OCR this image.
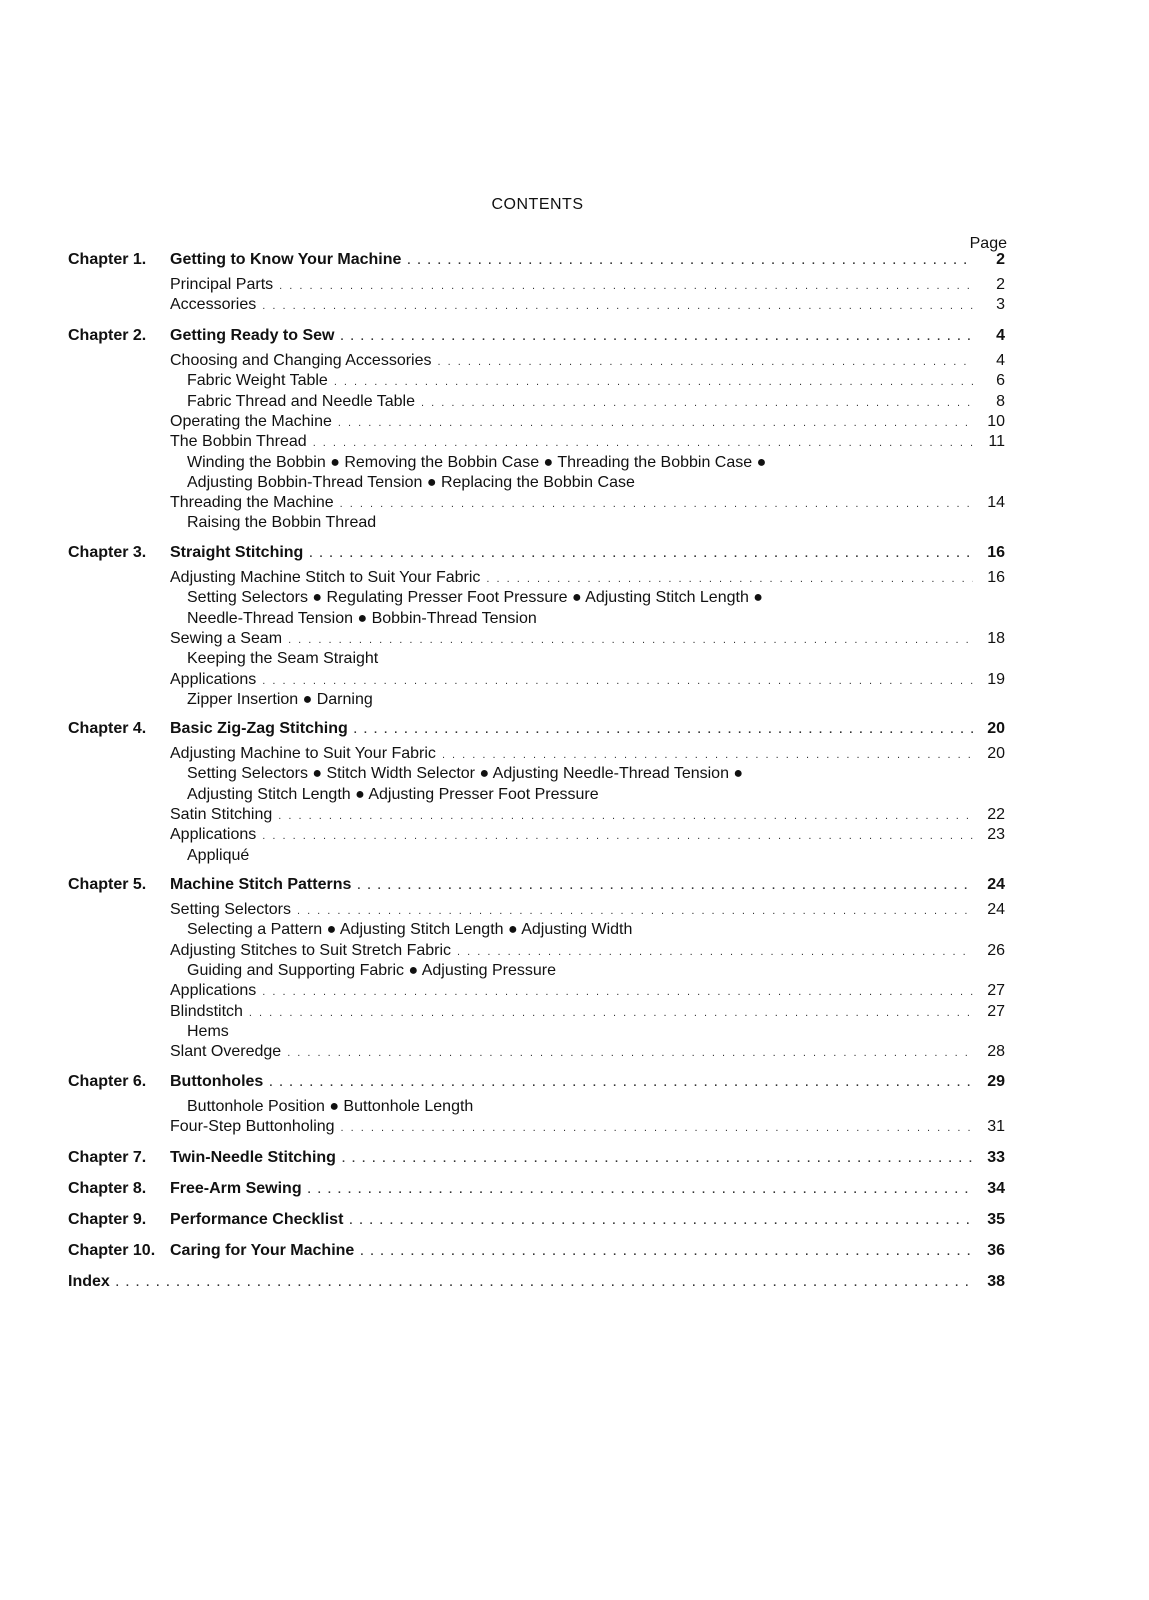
CONTENTS
Page
Chapter 1. Getting to Know Your Machine . . .	2
Principal Parts . . .	2
Accessories . . .	3
Chapter 2. Getting Ready to Sew . . .	4
Choosing and Changing Accessories . . .	4
Fabric Weight Table . . .	6
Fabric Thread and Needle Table . . .	8
Operating the Machine . . .	10
The Bobbin Thread . . .	11
Winding the Bobbin ● Removing the Bobbin Case ● Threading the Bobbin Case ●
Adjusting Bobbin-Thread Tension ● Replacing the Bobbin Case
Threading the Machine . . .	14
Raising the Bobbin Thread
Chapter 3. Straight Stitching . . .	16
Adjusting Machine Stitch to Suit Your Fabric . . .	16
Setting Selectors ● Regulating Presser Foot Pressure ● Adjusting Stitch Length ●
Needle-Thread Tension ● Bobbin-Thread Tension
Sewing a Seam . . .	18
Keeping the Seam Straight
Applications . . .	19
Zipper Insertion ● Darning
Chapter 4. Basic Zig-Zag Stitching . . .	20
Adjusting Machine to Suit Your Fabric . . .	20
Setting Selectors ● Stitch Width Selector ● Adjusting Needle-Thread Tension ●
Adjusting Stitch Length ● Adjusting Presser Foot Pressure
Satin Stitching . . .	22
Applications . . .	23
Appliqué
Chapter 5. Machine Stitch Patterns . . .	24
Setting Selectors . . .	24
Selecting a Pattern ● Adjusting Stitch Length ● Adjusting Width
Adjusting Stitches to Suit Stretch Fabric . . .	26
Guiding and Supporting Fabric ● Adjusting Pressure
Applications . . .	27
Blindstitch . . .	27
Hems
Slant Overedge . . .	28
Chapter 6. Buttonholes . . .	29
Buttonhole Position ● Buttonhole Length
Four-Step Buttonholing . . .	31
Chapter 7. Twin-Needle Stitching . . .	33
Chapter 8. Free-Arm Sewing . . .	34
Chapter 9. Performance Checklist . . .	35
Chapter 10. Caring for Your Machine . . .	36
Index . . .	38
